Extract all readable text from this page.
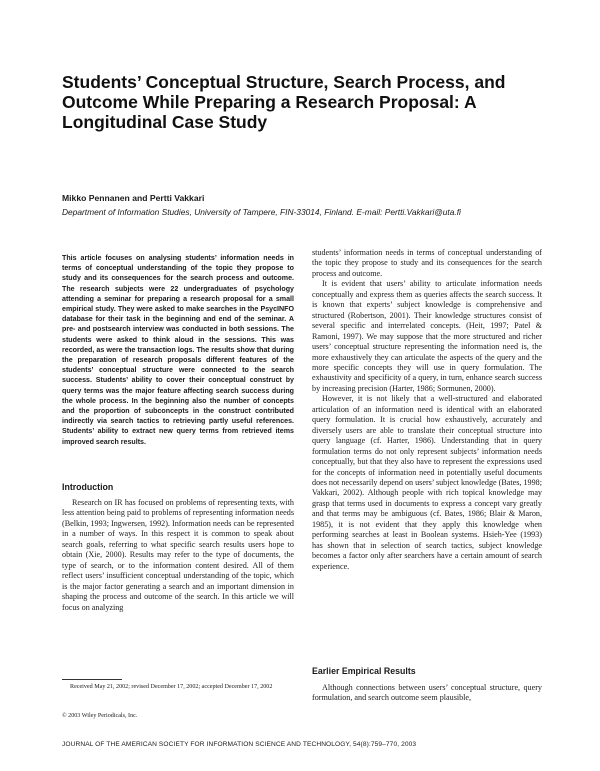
Students’ Conceptual Structure, Search Process, and Outcome While Preparing a Research Proposal: A Longitudinal Case Study

Mikko Pennanen and Pertti Vakkari

Department of Information Studies, University of Tampere, FIN-33014, Finland. E-mail: Pertti.Vakkari@uta.fi

This article focuses on analysing students’ information needs in terms of conceptual understanding of the topic they propose to study and its consequences for the search process and outcome. The research subjects were 22 undergraduates of psychology attending a seminar for preparing a research proposal for a small empirical study. They were asked to make searches in the PsycINFO database for their task in the beginning and end of the seminar. A pre- and postsearch interview was conducted in both sessions. The students were asked to think aloud in the sessions. This was recorded, as were the transaction logs. The results show that during the preparation of research proposals different features of the students’ conceptual structure were connected to the search success. Students’ ability to cover their conceptual construct by query terms was the major feature affecting search success during the whole process. In the beginning also the number of concepts and the proportion of subconcepts in the construct contributed indirectly via search tactics to retrieving partly useful references. Students’ ability to extract new query terms from retrieved items improved search results.

Introduction

Research on IR has focused on problems of representing texts, with less attention being paid to problems of representing information needs (Belkin, 1993; Ingwersen, 1992). Information needs can be represented in a number of ways. In this respect it is common to speak about search goals, referring to what specific search results users hope to obtain (Xie, 2000). Results may refer to the type of documents, the type of search, or to the information content desired. All of them reflect users’ insufficient conceptual understanding of the topic, which is the major factor generating a search and an important dimension in shaping the process and outcome of the search. In this article we will focus on analyzing

Received May 21, 2002; revised December 17, 2002; accepted December 17, 2002

© 2003 Wiley Periodicals, Inc.

students’ information needs in terms of conceptual understanding of the topic they propose to study and its consequences for the search process and outcome.

It is evident that users’ ability to articulate information needs conceptually and express them as queries affects the search success. It is known that experts’ subject knowledge is comprehensive and structured (Robertson, 2001). Their knowledge structures consist of several specific and interrelated concepts. (Heit, 1997; Patel & Ramoni, 1997). We may suppose that the more structured and richer users’ conceptual structure representing the information need is, the more exhaustively they can articulate the aspects of the query and the more specific concepts they will use in query formulation. The exhaustivity and specificity of a query, in turn, enhance search success by increasing precision (Harter, 1986; Sormunen, 2000).

However, it is not likely that a well-structured and elaborated articulation of an information need is identical with an elaborated query formulation. It is crucial how exhaustively, accurately and diversely users are able to translate their conceptual structure into query language (cf. Harter, 1986). Understanding that in query formulation terms do not only represent subjects’ information needs conceptually, but that they also have to represent the expressions used for the concepts of information need in potentially useful documents does not necessarily depend on users’ subject knowledge (Bates, 1998; Vakkari, 2002). Although people with rich topical knowledge may grasp that terms used in documents to express a concept vary greatly and that terms may be ambiguous (cf. Bates, 1986; Blair & Maron, 1985), it is not evident that they apply this knowledge when performing searches at least in Boolean systems. Hsieh-Yee (1993) has shown that in selection of search tactics, subject knowledge becomes a factor only after searchers have a certain amount of search experience.

Earlier Empirical Results

Although connections between users’ conceptual structure, query formulation, and search outcome seem plausible,

JOURNAL OF THE AMERICAN SOCIETY FOR INFORMATION SCIENCE AND TECHNOLOGY, 54(8):759–770, 2003
